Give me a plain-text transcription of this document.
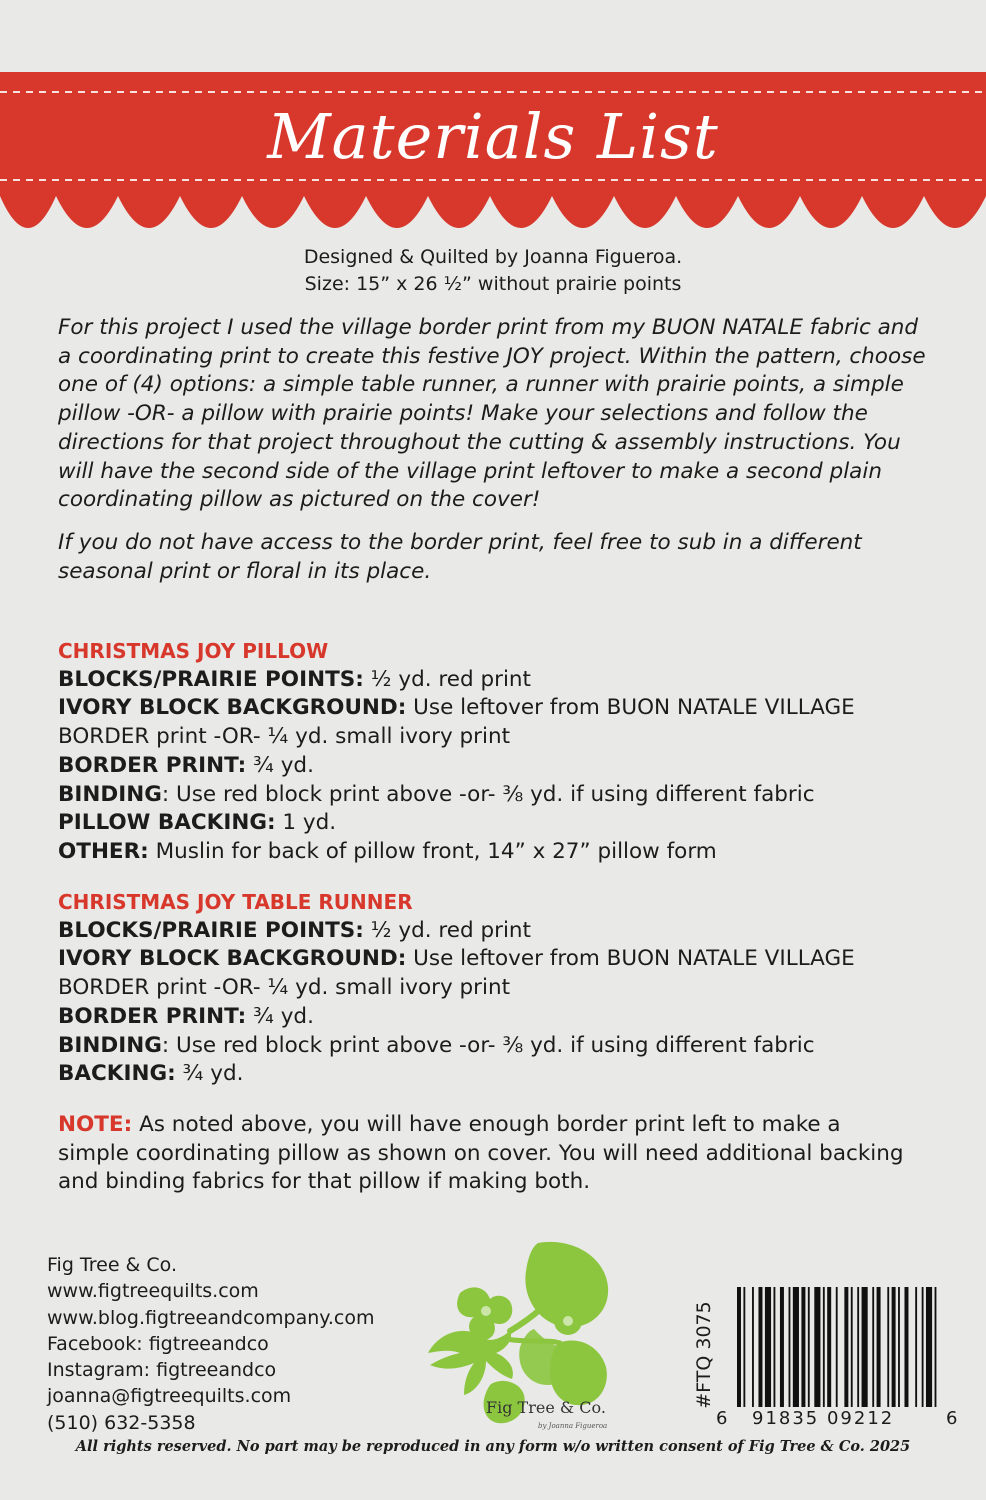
Materials List
Designed & Quilted by Joanna Figueroa.
Size: 15” x 26 ½” without prairie points

For this project I used the village border print from my BUON NATALE fabric and a coordinating print to create this festive JOY project. Within the pattern, choose one of (4) options: a simple table runner, a runner with prairie points, a simple pillow -OR- a pillow with prairie points! Make your selections and follow the directions for that project throughout the cutting & assembly instructions. You will have the second side of the village print leftover to make a second plain coordinating pillow as pictured on the cover!

If you do not have access to the border print, feel free to sub in a different seasonal print or floral in its place.

CHRISTMAS JOY PILLOW
BLOCKS/PRAIRIE POINTS: ½ yd. red print
IVORY BLOCK BACKGROUND: Use leftover from BUON NATALE VILLAGE
BORDER print -OR- ¼ yd. small ivory print
BORDER PRINT: ¾ yd.
BINDING: Use red block print above -or- ⅜ yd. if using different fabric
PILLOW BACKING: 1 yd.
OTHER: Muslin for back of pillow front, 14” x 27” pillow form
CHRISTMAS JOY TABLE RUNNER
BLOCKS/PRAIRIE POINTS: ½ yd. red print
IVORY BLOCK BACKGROUND: Use leftover from BUON NATALE VILLAGE
BORDER print -OR- ¼ yd. small ivory print
BORDER PRINT: ¾ yd.
BINDING: Use red block print above -or- ⅜ yd. if using different fabric
BACKING: ¾ yd.
NOTE: As noted above, you will have enough border print left to make a simple coordinating pillow as shown on cover. You will need additional backing and binding fabrics for that pillow if making both.
Fig Tree & Co.
www.figtreequilts.com
www.blog.figtreeandcompany.com
Facebook: figtreeandco
Instagram: figtreeandco
joanna@figtreequilts.com
(510) 632-5358
Fig Tree & Co.
by Joanna Figueroa
#FTQ 3075
6 91835 09212	6
All rights reserved. No part may be reproduced in any form w/o written consent of Fig Tree & Co. 2025
